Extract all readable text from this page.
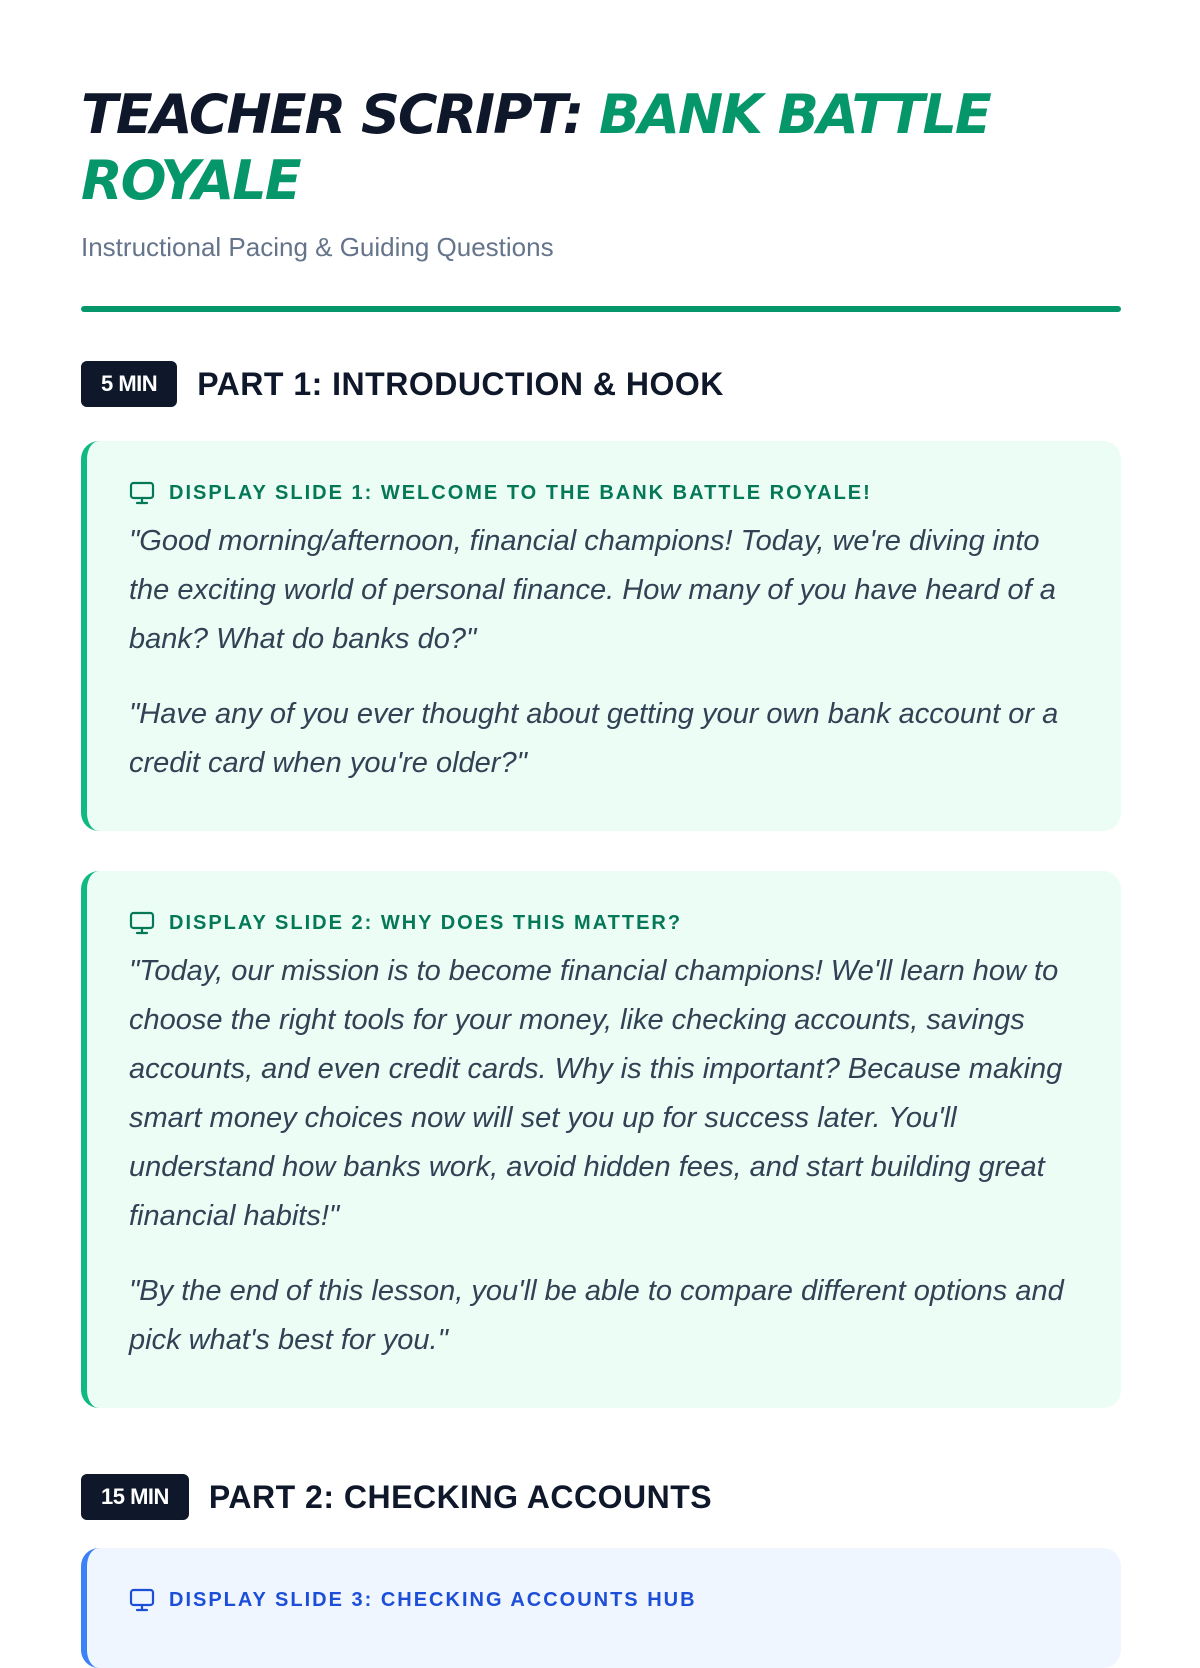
TEACHER SCRIPT: BANK BATTLE ROYALE

Instructional Pacing & Guiding Questions

5 MIN	PART 1: INTRODUCTION & HOOK
DISPLAY SLIDE 1: WELCOME TO THE BANK BATTLE ROYALE!

"Good morning/afternoon, financial champions! Today, we're diving into the exciting world of personal finance. How many of you have heard of a bank? What do banks do?"

"Have any of you ever thought about getting your own bank account or a credit card when you're older?"

DISPLAY SLIDE 2: WHY DOES THIS MATTER?

"Today, our mission is to become financial champions! We'll learn how to choose the right tools for your money, like checking accounts, savings accounts, and even credit cards. Why is this important? Because making smart money choices now will set you up for success later. You'll understand how banks work, avoid hidden fees, and start building great financial habits!"

"By the end of this lesson, you'll be able to compare different options and pick what's best for you."

15 MIN	PART 2: CHECKING ACCOUNTS
DISPLAY SLIDE 3: CHECKING ACCOUNTS HUB
